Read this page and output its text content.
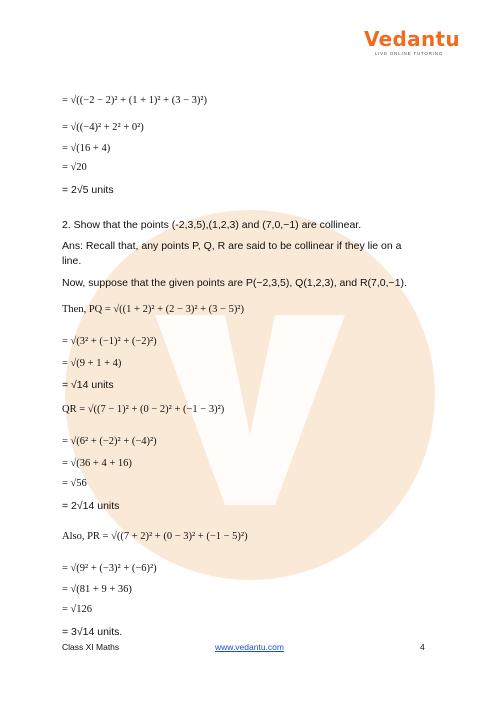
Vedantu
LIVE ONLINE TUTORING
= √((−2 − 2)² + (1 + 1)² + (3 − 3)²)
= √((−4)² + 2² + 0²)
= √(16 + 4)
= √20
= 2√5 units
2. Show that the points (-2,3,5),(1,2,3) and (7,0,−1) are collinear.
Ans: Recall that, any points P, Q, R are said to be collinear if they lie on a
line.
Now, suppose that the given points are P(−2,3,5), Q(1,2,3), and R(7,0,−1).
Then, PQ = √((1 + 2)² + (2 − 3)² + (3 − 5)²)
= √(3² + (−1)² + (−2)²)
= √(9 + 1 + 4)
= √14 units
QR = √((7 − 1)² + (0 − 2)² + (−1 − 3)²)
= √(6² + (−2)² + (−4)²)
= √(36 + 4 + 16)
= √56
= 2√14 units
Also, PR = √((7 + 2)² + (0 − 3)² + (−1 − 5)²)
= √(9² + (−3)² + (−6)²)
= √(81 + 9 + 36)
= √126
= 3√14 units.
Class XI Maths	www.vedantu.com	4
